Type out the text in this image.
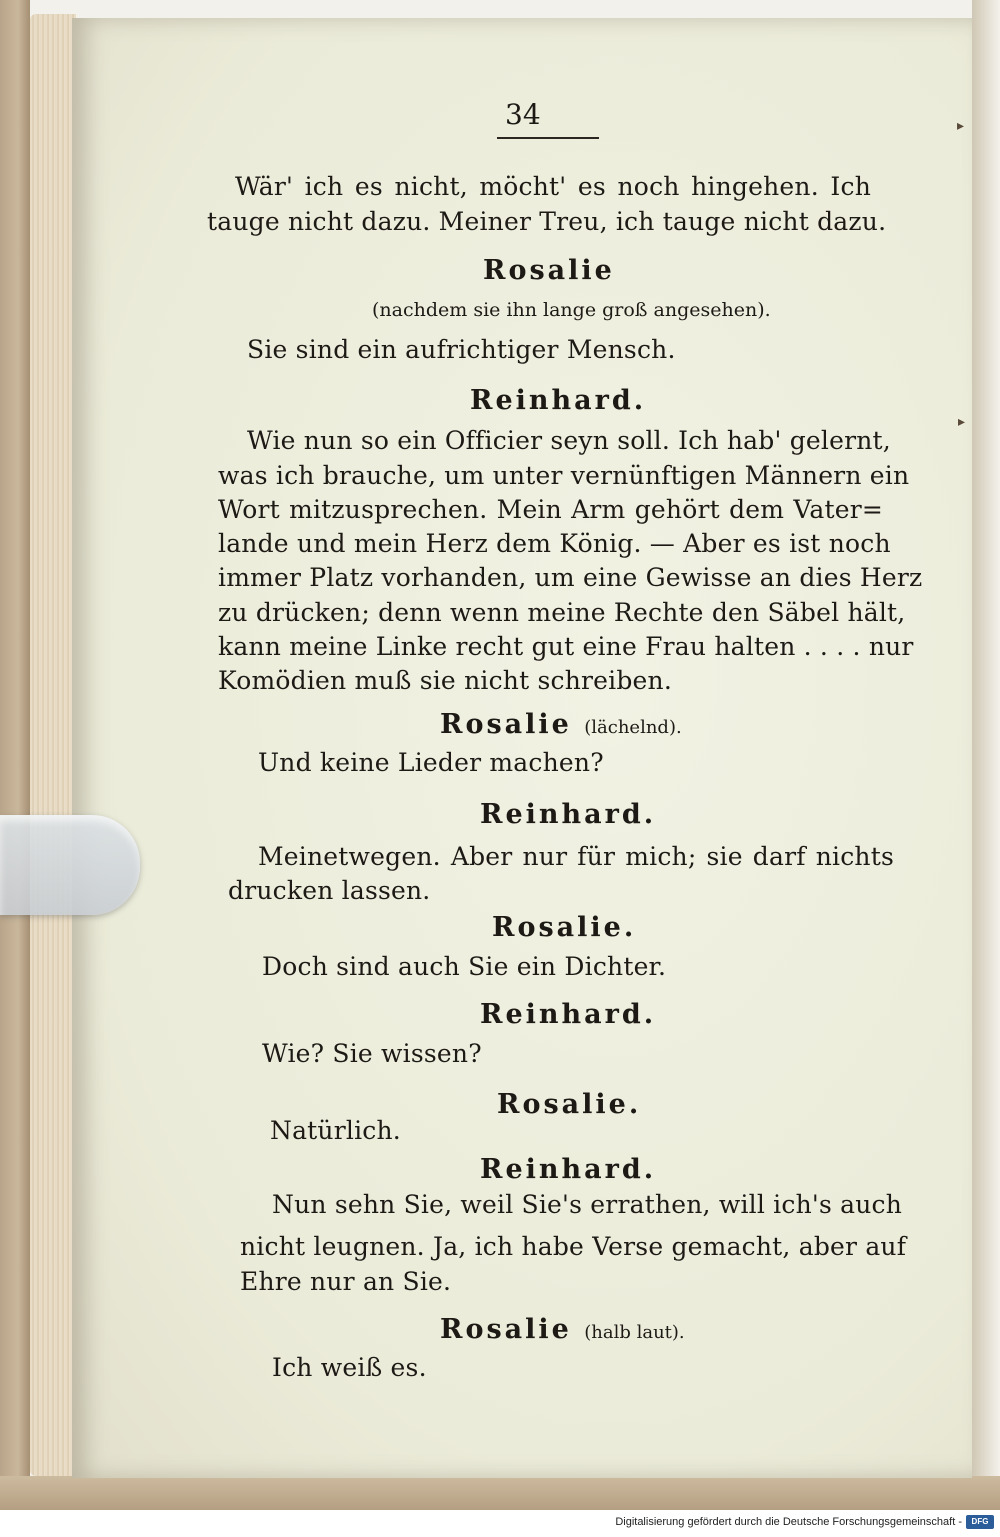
▸
▸
34
Wär' ich es nicht, möcht' es noch hingehen. Ich
tauge nicht dazu. Meiner Treu, ich tauge nicht dazu.
Rosalie
(nachdem sie ihn lange groß angesehen).
Sie sind ein aufrichtiger Mensch.
Reinhard.
Wie nun so ein Officier seyn soll. Ich hab' gelernt,
was ich brauche, um unter vernünftigen Männern ein
Wort mitzusprechen. Mein Arm gehört dem Vater=
lande und mein Herz dem König. — Aber es ist noch
immer Platz vorhanden, um eine Gewisse an dies Herz
zu drücken; denn wenn meine Rechte den Säbel hält,
kann meine Linke recht gut eine Frau halten . . . . nur
Komödien muß sie nicht schreiben.
Rosalie (lächelnd).
Und keine Lieder machen?
Reinhard.
Meinetwegen. Aber nur für mich; sie darf nichts
drucken lassen.
Rosalie.
Doch sind auch Sie ein Dichter.
Reinhard.
Wie? Sie wissen?
Rosalie.
Natürlich.
Reinhard.
Nun sehn Sie, weil Sie's errathen, will ich's auch
nicht leugnen. Ja, ich habe Verse gemacht, aber auf
Ehre nur an Sie.
Rosalie (halb laut).
Ich weiß es.
Digitalisierung gefördert durch die Deutsche Forschungsgemeinschaft -	DFG
